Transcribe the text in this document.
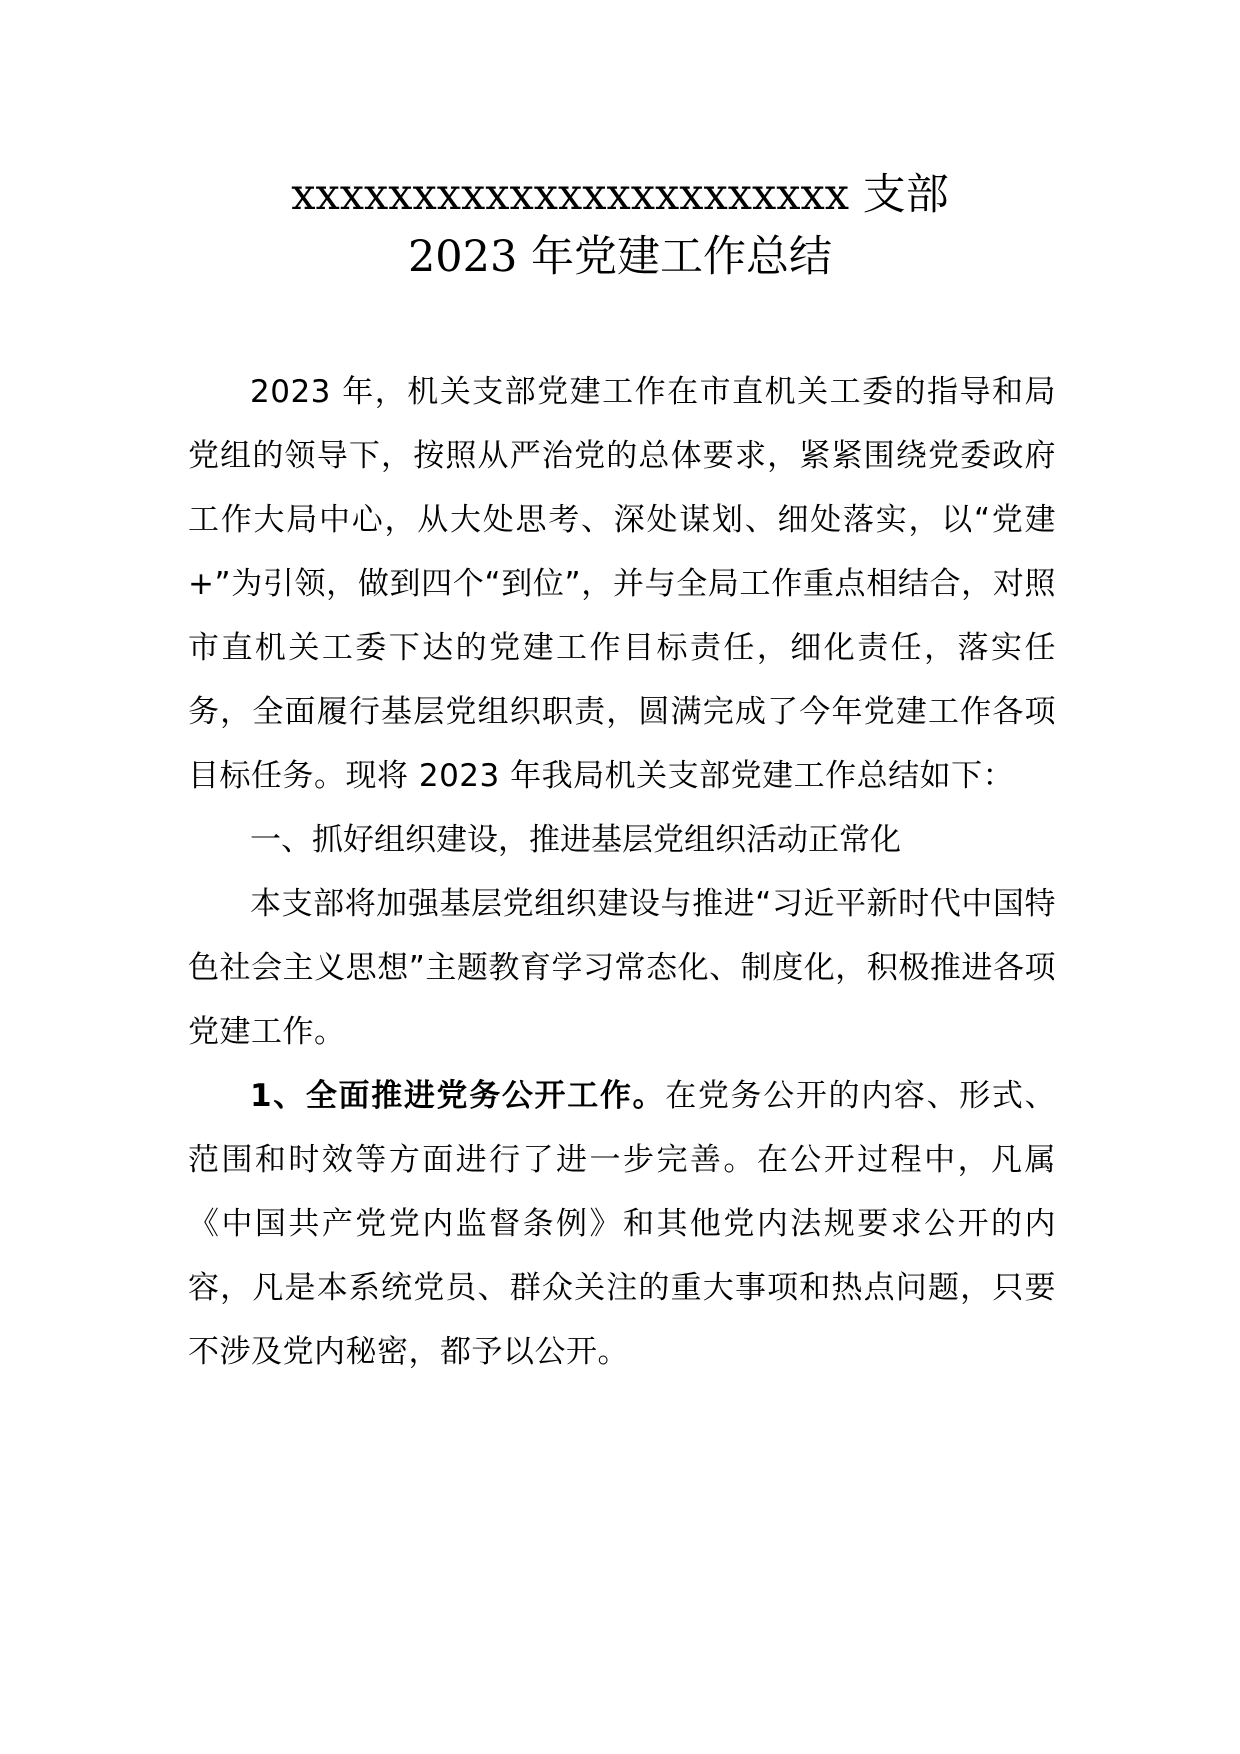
xxxxxxxxxxxxxxxxxxxxxxx 支部
2023 年党建工作总结

2023 年，机关支部党建工作在市直机关工委的指导和局党组的领导下，按照从严治党的总体要求，紧紧围绕党委政府工作大局中心，从大处思考、深处谋划、细处落实，以“党建+”为引领，做到四个“到位”，并与全局工作重点相结合，对照市直机关工委下达的党建工作目标责任，细化责任，落实任务，全面履行基层党组织职责，圆满完成了今年党建工作各项目标任务。现将 2023 年我局机关支部党建工作总结如下：

一、抓好组织建设，推进基层党组织活动正常化

本支部将加强基层党组织建设与推进“习近平新时代中国特色社会主义思想”主题教育学习常态化、制度化，积极推进各项党建工作。

1、全面推进党务公开工作。在党务公开的内容、形式、范围和时效等方面进行了进一步完善。在公开过程中，凡属《中国共产党党内监督条例》和其他党内法规要求公开的内容，凡是本系统党员、群众关注的重大事项和热点问题，只要不涉及党内秘密，都予以公开。
